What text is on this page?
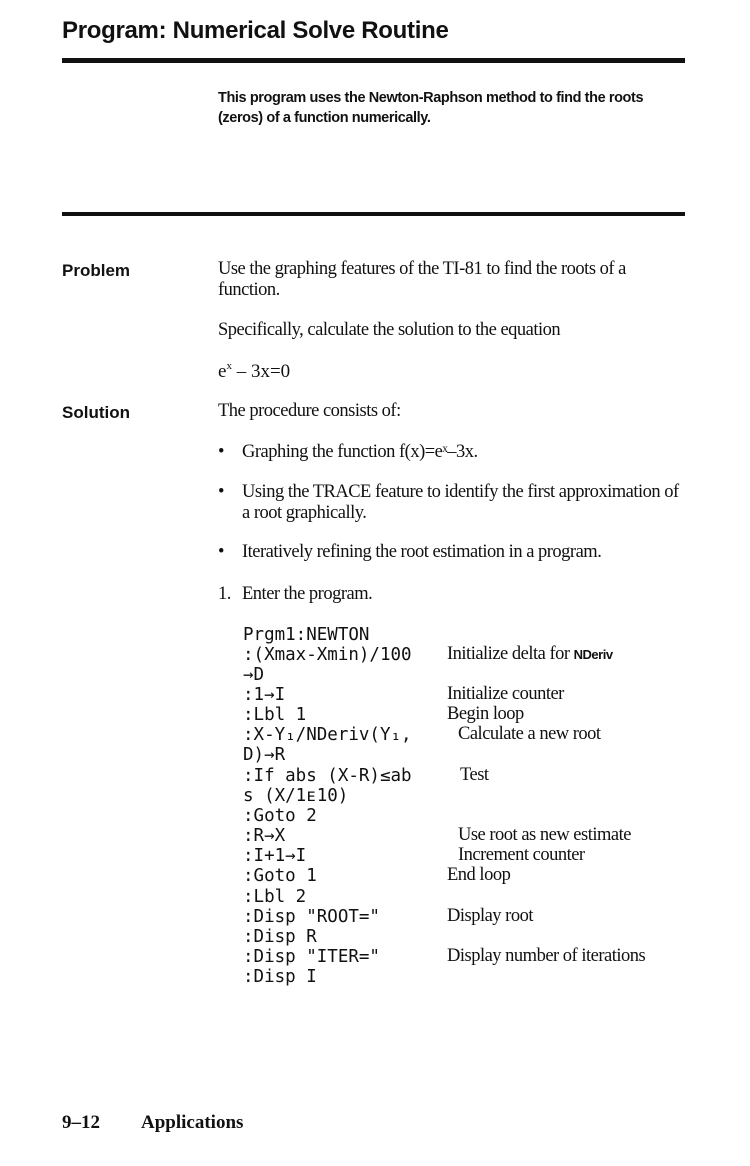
Program: Numerical Solve Routine
This program uses the Newton-Raphson method to find the roots (zeros) of a function numerically.
Problem	Use the graphing features of the TI-81 to find the roots of a function.
Specifically, calculate the solution to the equation
$e^x - 3x=0$
Solution	The procedure consists of:
• Graphing the function f(x)=eˣ–3x.
• Using the TRACE feature to identify the first approximation of a root graphically.
• Iteratively refining the root estimation in a program.
1. Enter the program.
Prgm1:NEWTON
:(Xmax-Xmin)/100
→D
:1→I
:Lbl 1
:X-Y₁/NDeriv(Y₁,
D)→R
:If abs (X-R)≤ab
s (X/1ᴇ10)
:Goto 2
:R→X
:I+1→I
:Goto 1
:Lbl 2
:Disp "ROOT="
:Disp R
:Disp "ITER="
:Disp I
Initialize delta for NDeriv
Initialize counter
Begin loop
Calculate a new root
Test
Use root as new estimate
Increment counter
End loop
Display root
Display number of iterations
9–12 Applications
